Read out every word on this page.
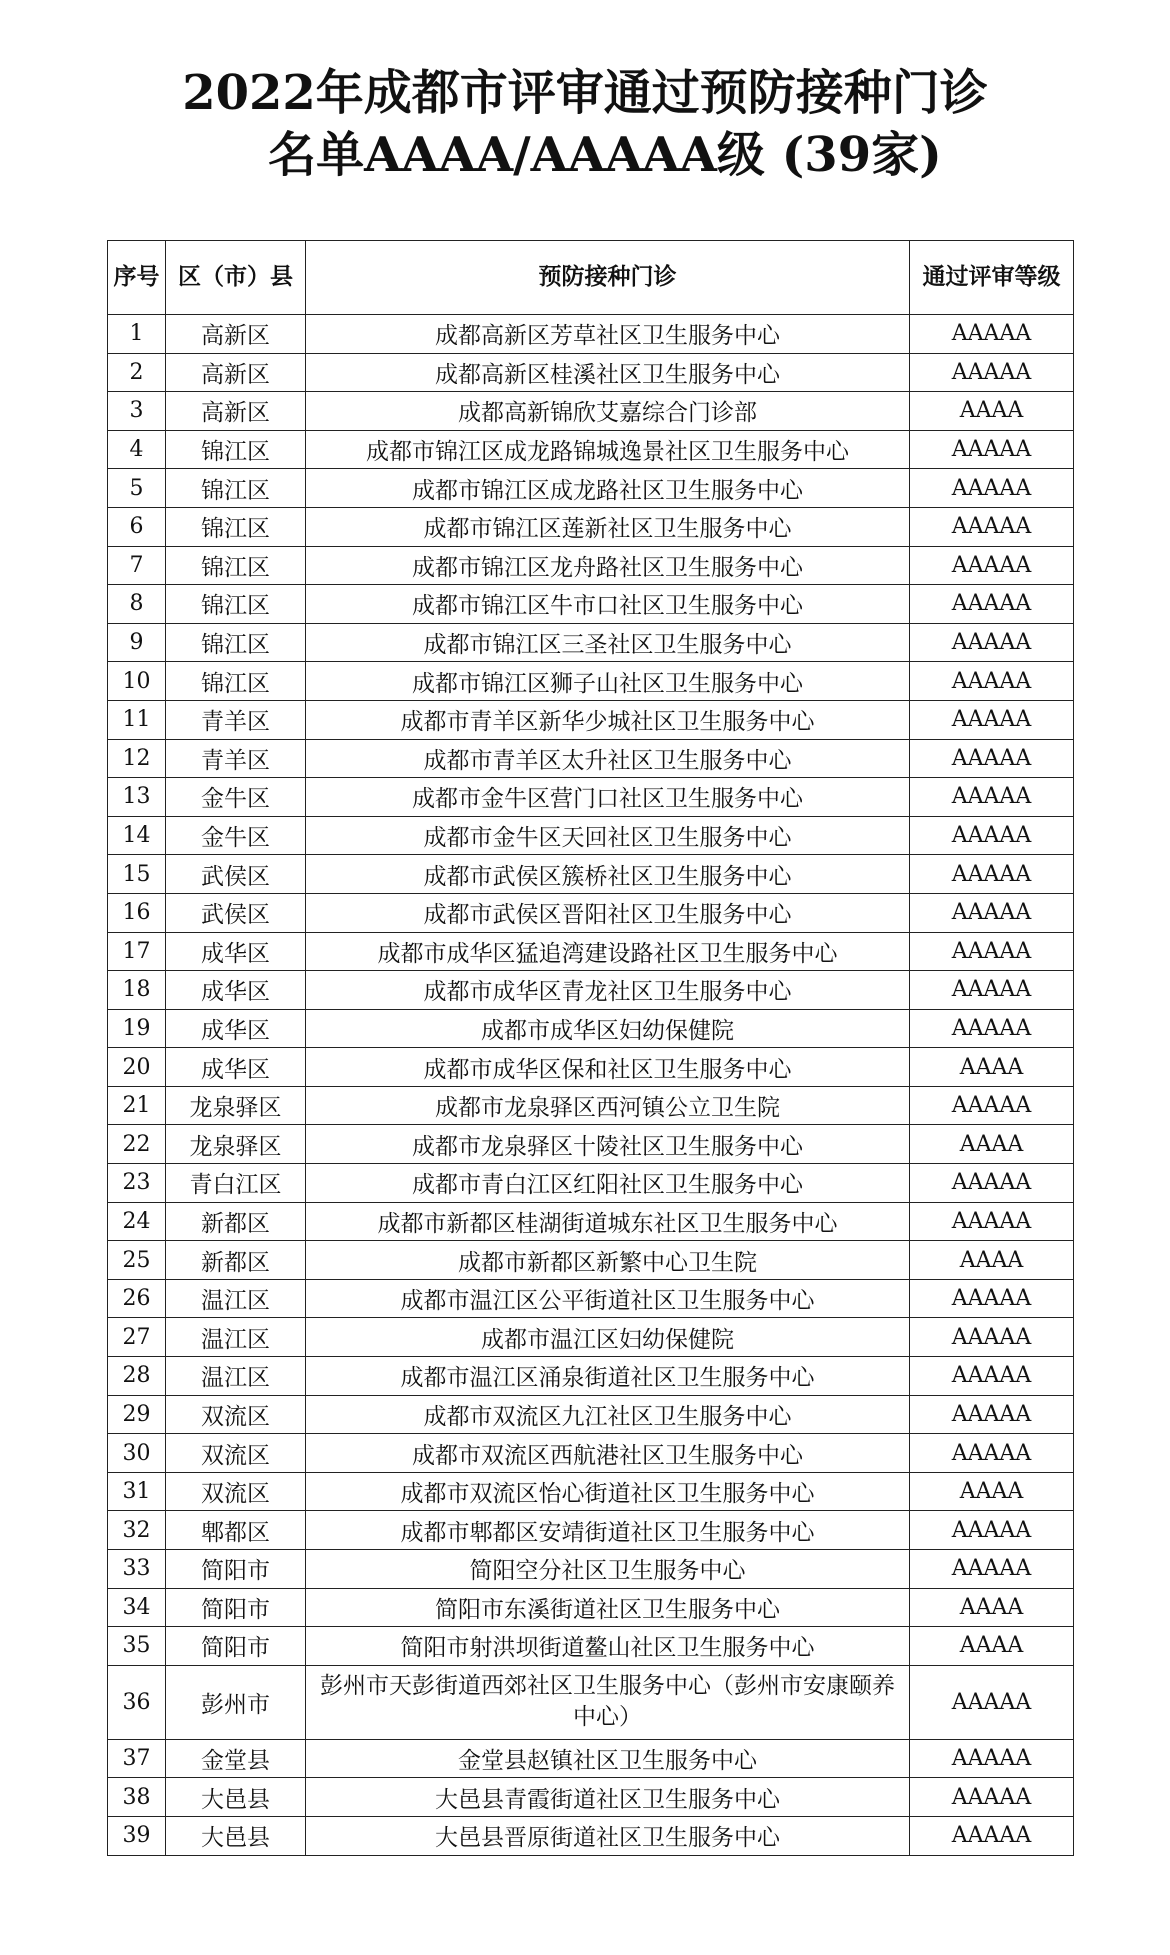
2022年成都市评审通过预防接种门诊
名单AAAA/AAAAA级 (39家)
序号	区（市）县	预防接种门诊	通过评审等级
1	高新区	成都高新区芳草社区卫生服务中心	AAAAA
2	高新区	成都高新区桂溪社区卫生服务中心	AAAAA
3	高新区	成都高新锦欣艾嘉综合门诊部	AAAA
4	锦江区	成都市锦江区成龙路锦城逸景社区卫生服务中心	AAAAA
5	锦江区	成都市锦江区成龙路社区卫生服务中心	AAAAA
6	锦江区	成都市锦江区莲新社区卫生服务中心	AAAAA
7	锦江区	成都市锦江区龙舟路社区卫生服务中心	AAAAA
8	锦江区	成都市锦江区牛市口社区卫生服务中心	AAAAA
9	锦江区	成都市锦江区三圣社区卫生服务中心	AAAAA
10	锦江区	成都市锦江区狮子山社区卫生服务中心	AAAAA
11	青羊区	成都市青羊区新华少城社区卫生服务中心	AAAAA
12	青羊区	成都市青羊区太升社区卫生服务中心	AAAAA
13	金牛区	成都市金牛区营门口社区卫生服务中心	AAAAA
14	金牛区	成都市金牛区天回社区卫生服务中心	AAAAA
15	武侯区	成都市武侯区簇桥社区卫生服务中心	AAAAA
16	武侯区	成都市武侯区晋阳社区卫生服务中心	AAAAA
17	成华区	成都市成华区猛追湾建设路社区卫生服务中心	AAAAA
18	成华区	成都市成华区青龙社区卫生服务中心	AAAAA
19	成华区	成都市成华区妇幼保健院	AAAAA
20	成华区	成都市成华区保和社区卫生服务中心	AAAA
21	龙泉驿区	成都市龙泉驿区西河镇公立卫生院	AAAAA
22	龙泉驿区	成都市龙泉驿区十陵社区卫生服务中心	AAAA
23	青白江区	成都市青白江区红阳社区卫生服务中心	AAAAA
24	新都区	成都市新都区桂湖街道城东社区卫生服务中心	AAAAA
25	新都区	成都市新都区新繁中心卫生院	AAAA
26	温江区	成都市温江区公平街道社区卫生服务中心	AAAAA
27	温江区	成都市温江区妇幼保健院	AAAAA
28	温江区	成都市温江区涌泉街道社区卫生服务中心	AAAAA
29	双流区	成都市双流区九江社区卫生服务中心	AAAAA
30	双流区	成都市双流区西航港社区卫生服务中心	AAAAA
31	双流区	成都市双流区怡心街道社区卫生服务中心	AAAA
32	郫都区	成都市郫都区安靖街道社区卫生服务中心	AAAAA
33	简阳市	简阳空分社区卫生服务中心	AAAAA
34	简阳市	简阳市东溪街道社区卫生服务中心	AAAA
35	简阳市	简阳市射洪坝街道鳌山社区卫生服务中心	AAAA
36	彭州市	彭州市天彭街道西郊社区卫生服务中心（彭州市安康颐养中心）	AAAAA
37	金堂县	金堂县赵镇社区卫生服务中心	AAAAA
38	大邑县	大邑县青霞街道社区卫生服务中心	AAAAA
39	大邑县	大邑县晋原街道社区卫生服务中心	AAAAA
